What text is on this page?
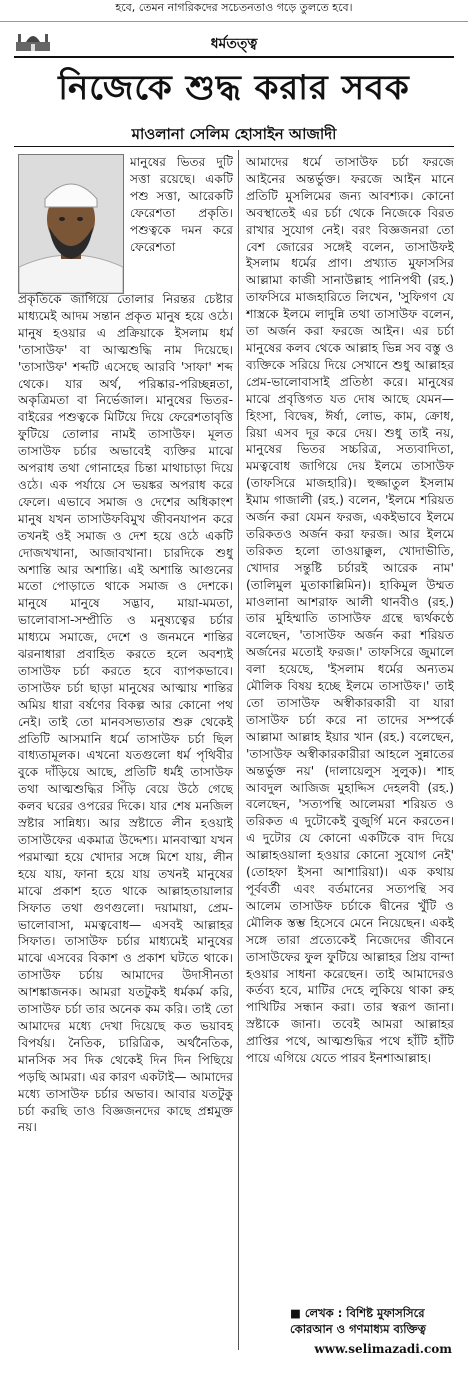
হবে, তেমন নাগরিকদের সচেতনতাও গড়ে তুলতে হবে।
ধর্মতত্ত্ব
নিজেকে শুদ্ধ করার সবক
মাওলানা সেলিম হোসাইন আজাদী

মানুষের ভিতর দুটি সত্তা রয়েছে। একটি পশু সত্তা, আরেকটি ফেরেশতা প্রকৃতি। পশুত্বকে দমন করে ফেরেশতা

প্রকৃতিকে জাগিয়ে তোলার নিরন্তর চেষ্টার মাধ্যমেই আদম সন্তান প্রকৃত মানুষ হয়ে ওঠে। মানুষ হওয়ার এ প্রক্রিয়াকে ইসলাম ধর্ম 'তাসাউফ' বা আত্মশুদ্ধি নাম দিয়েছে। 'তাসাউফ' শব্দটি এসেছে আরবি 'সাফা' শব্দ থেকে। যার অর্থ, পরিষ্কার-পরিচ্ছন্নতা, অকৃত্রিমতা বা নির্ভেজাল। মানুষের ভিতর-বাইরের পশুত্বকে মিটিয়ে দিয়ে ফেরেশতাবৃত্তি ফুটিয়ে তোলার নামই তাসাউফ। মূলত তাসাউফ চর্চার অভাবেই ব্যক্তির মাঝে অপরাধ তথা গোনাহের চিন্তা মাথাচাড়া দিয়ে ওঠে। এক পর্যায়ে সে ভয়ঙ্কর অপরাধ করে ফেলে। এভাবে সমাজ ও দেশের অধিকাংশ মানুষ যখন তাসাউফবিমুখ জীবনযাপন করে তখনই ওই সমাজ ও দেশ হয়ে ওঠে একটি দোজখখানা, আজাবখানা। চারদিকে শুধু অশান্তি আর অশান্তি। এই অশান্তি আগুনের মতো পোড়াতে থাকে সমাজ ও দেশকে। মানুষে মানুষে সদ্ভাব, মায়া-মমতা, ভালোবাসা-সম্প্রীতি ও মনুষ্যত্বের চর্চার মাধ্যমে সমাজে, দেশে ও জনমনে শান্তির ঝরনাধারা প্রবাহিত করতে হলে অবশ্যই তাসাউফ চর্চা করতে হবে ব্যাপকভাবে। তাসাউফ চর্চা ছাড়া মানুষের আত্মায় শান্তির অমিয় ধারা বর্ষণের বিকল্প আর কোনো পথ নেই। তাই তো মানবসভ্যতার শুরু থেকেই প্রতিটি আসমানি ধর্মে তাসাউফ চর্চা ছিল বাধ্যতামূলক। এখনো যতগুলো ধর্ম পৃথিবীর বুকে দাঁড়িয়ে আছে, প্রতিটি ধর্মই তাসাউফ তথা আত্মশুদ্ধির সিঁড়ি বেয়ে উঠে গেছে কলব ঘরের ওপরের দিকে। যার শেষ মনজিল স্রষ্টার সান্নিধ্য। আর স্রষ্টাতে লীন হওয়াই তাসাউফের একমাত্র উদ্দেশ্য। মানবাত্মা যখন পরমাত্মা হয়ে খোদার সঙ্গে মিশে যায়, লীন হয়ে যায়, ফানা হয়ে যায় তখনই মানুষের মাঝে প্রকাশ হতে থাকে আল্লাহতায়ালার সিফাত তথা গুণগুলো। দয়ামায়া, প্রেম-ভালোবাসা, মমত্ববোধ— এসবই আল্লাহর সিফাত। তাসাউফ চর্চার মাধ্যমেই মানুষের মাঝে এসবের বিকাশ ও প্রকাশ ঘটতে থাকে। তাসাউফ চর্চায় আমাদের উদাসীনতা আশঙ্কাজনক। আমরা যতটুকই ধর্মকর্ম করি, তাসাউফ চর্চা তার অনেক কম করি। তাই তো আমাদের মধ্যে দেখা দিয়েছে কত ভয়াবহ বিপর্যয়। নৈতিক, চারিত্রিক, অর্থনৈতিক, মানসিক সব দিক থেকেই দিন দিন পিছিয়ে পড়ছি আমরা। এর কারণ একটাই— আমাদের মধ্যে তাসাউফ চর্চার অভাব। আবার যতটুকু চর্চা করছি তাও বিজ্ঞজনদের কাছে প্রশ্নমুক্ত নয়।

আমাদের ধর্মে তাসাউফ চর্চা ফরজে আইনের অন্তর্ভুক্ত। ফরজে আইন মানে প্রতিটি মুসলিমের জন্য আবশ্যক। কোনো অবস্থাতেই এর চর্চা থেকে নিজেকে বিরত রাখার সুযোগ নেই। বরং বিজ্ঞজনরা তো বেশ জোরের সঙ্গেই বলেন, তাসাউফই ইসলাম ধর্মের প্রাণ। প্রখ্যাত মুফাসসির আল্লামা কাজী সানাউল্লাহ পানিপথী (রহ.) তাফসিরে মাজহারিতে লিখেন, 'সুফিগণ যে শাস্ত্রকে ইলমে লাদুন্নি তথা তাসাউফ বলেন, তা অর্জন করা ফরজে আইন। এর চর্চা মানুষের কলব থেকে আল্লাহ ভিন্ন সব বস্তু ও ব্যক্তিকে সরিয়ে দিয়ে সেখানে শুধু আল্লাহর প্রেম-ভালোবাসাই প্রতিষ্ঠা করে। মানুষের মাঝে প্রবৃত্তিগত যত দোষ আছে যেমন— হিংসা, বিদ্বেষ, ঈর্ষা, লোভ, কাম, ক্রোধ, রিয়া এসব দূর করে দেয়। শুধু তাই নয়, মানুষের ভিতর সচ্চরিত্র, সত্যবাদিতা, মমত্ববোধ জাগিয়ে দেয় ইলমে তাসাউফ (তাফসিরে মাজহারি)। হুজ্জাতুল ইসলাম ইমাম গাজালী (রহ.) বলেন, 'ইলমে শরিয়ত অর্জন করা যেমন ফরজ, একইভাবে ইলমে তরিকতও অর্জন করা ফরজ। আর ইলমে তরিকত হলো তাওয়াক্কুল, খোদাভীতি, খোদার সন্তুষ্টি চর্চারই আরেক নাম' (তালিমুল মুতাকাল্লিমিন)। হাকিমুল উম্মত মাওলানা আশরাফ আলী থানবীও (রহ.) তার মুহিম্মাতি তাসাউফ গ্রন্থে দ্ব্যর্থকণ্ঠে বলেছেন, 'তাসাউফ অর্জন করা শরিয়ত অর্জনের মতোই ফরজ।' তাফসিরে জুমালে বলা হয়েছে, 'ইসলাম ধর্মের অন্যতম মৌলিক বিষয় হচ্ছে ইলমে তাসাউফ।' তাই তো তাসাউফ অস্বীকারকারী বা যারা তাসাউফ চর্চা করে না তাদের সম্পর্কে আল্লামা আল্লাহ ইয়ার খান (রহ.) বলেছেন, 'তাসাউফ অস্বীকারকারীরা আহলে সুন্নাতের অন্তর্ভুক্ত নয়' (দালায়েলুস সুলুক)। শাহ আবদুল আজিজ মুহাদ্দিস দেহলবী (রহ.) বলেছেন, 'সত্যপন্থি আলেমরা শরিয়ত ও তরিকত এ দুটোকেই বুজুর্গি মনে করতেন। এ দুটোর যে কোনো একটিকে বাদ দিয়ে আল্লাহওয়ালা হওয়ার কোনো সুযোগ নেই' (তোহফা ইসনা আশারিয়া)। এক কথায় পূর্ববর্তী এবং বর্তমানের সত্যপন্থি সব আলেম তাসাউফ চর্চাকে দ্বীনের খুঁটি ও মৌলিক স্তম্ভ হিসেবে মেনে নিয়েছেন। একই সঙ্গে তারা প্রত্যেকেই নিজেদের জীবনে তাসাউফের ফুল ফুটিয়ে আল্লাহর প্রিয় বান্দা হওয়ার সাধনা করেছেন। তাই আমাদেরও কর্তব্য হবে, মাটির দেহে লুকিয়ে থাকা রুহ পাখিটির সন্ধান করা। তার স্বরূপ জানা। স্রষ্টাকে জানা। তবেই আমরা আল্লাহর প্রাপ্তির পথে, আত্মশুদ্ধির পথে হাঁটি হাঁটি পায়ে এগিয়ে যেতে পারব ইনশাআল্লাহ।

■ লেখক : বিশিষ্ট মুফাসসিরে কোরআন ও গণমাধ্যম ব্যক্তিত্ব
www.selimazadi.com
